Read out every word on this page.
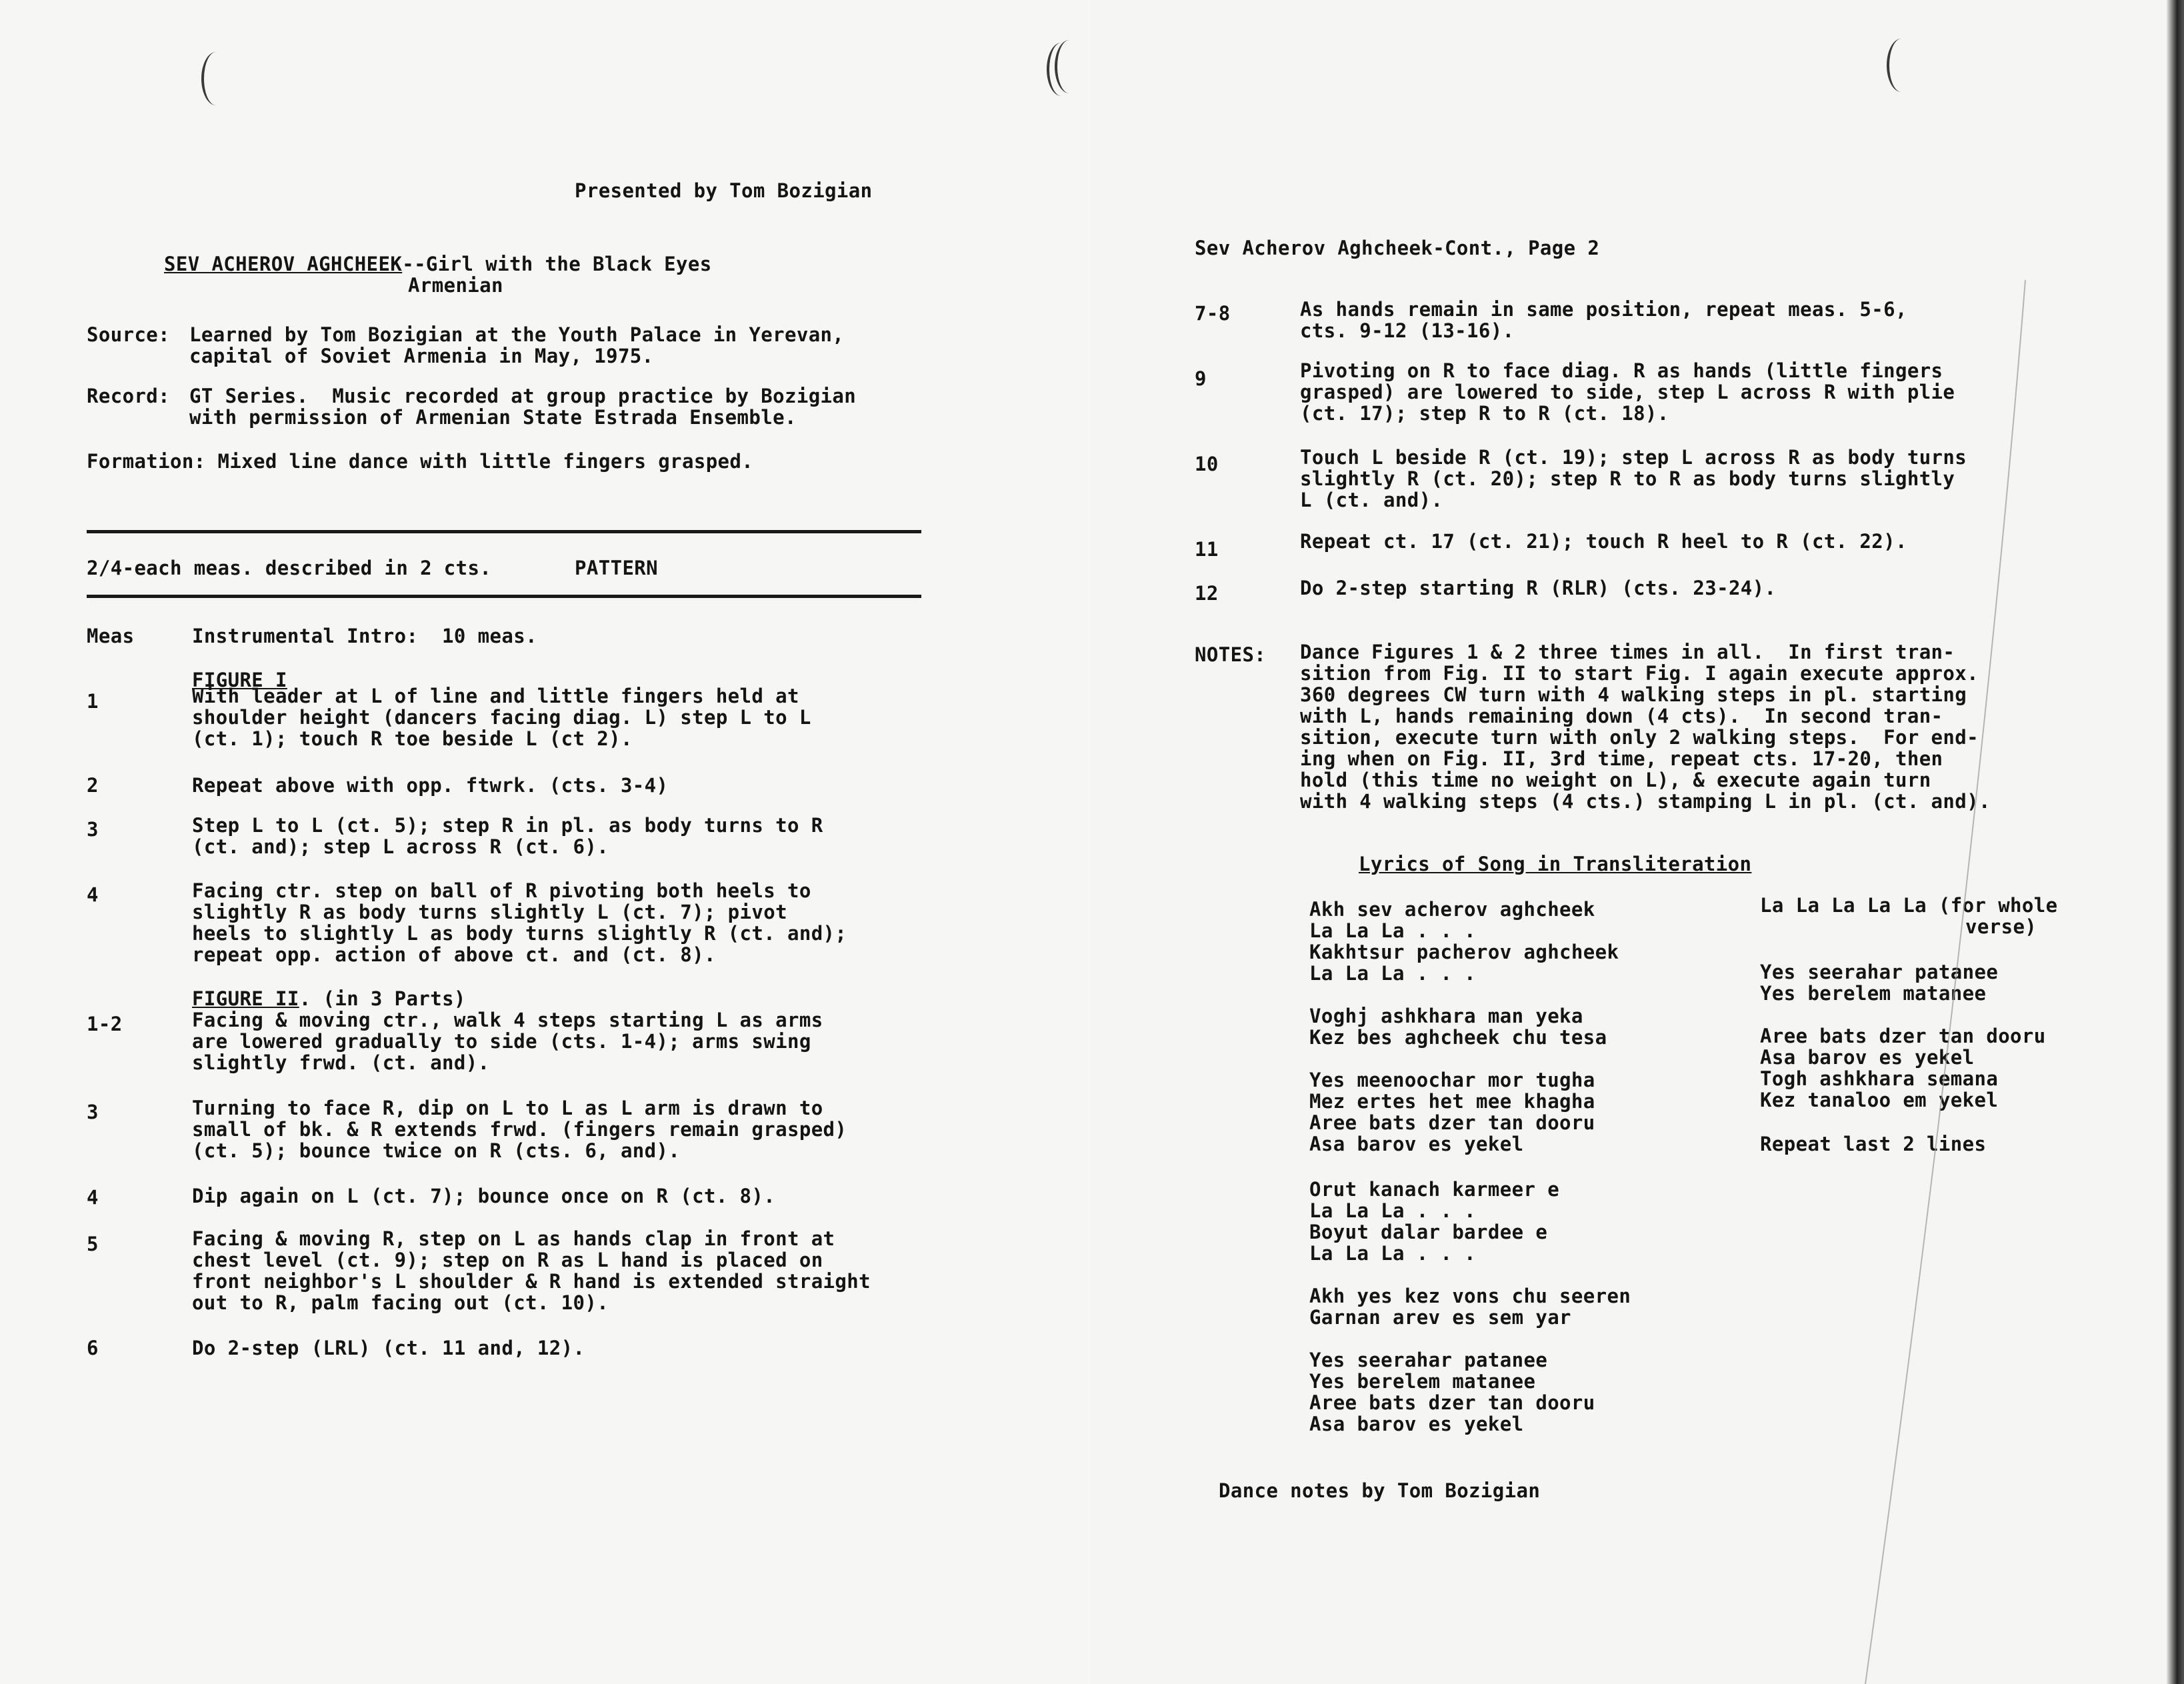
Presented by Tom Bozigian
SEV ACHEROV AGHCHEEK--Girl with the Black Eyes
Armenian
Source: Learned by Tom Bozigian at the Youth Palace in Yerevan,
capital of Soviet Armenia in May, 1975.
Record: GT Series.  Music recorded at group practice by Bozigian
with permission of Armenian State Estrada Ensemble.
Formation: Mixed line dance with little fingers grasped.
2/4-each meas. described in 2 cts.	PATTERN
Meas	Instrumental Intro:  10 meas.
FIGURE I
1	With leader at L of line and little fingers held at
shoulder height (dancers facing diag. L) step L to L
(ct. 1); touch R toe beside L (ct 2).
2	Repeat above with opp. ftwrk. (cts. 3-4)
3	Step L to L (ct. 5); step R in pl. as body turns to R
(ct. and); step L across R (ct. 6).
4	Facing ctr. step on ball of R pivoting both heels to
slightly R as body turns slightly L (ct. 7); pivot
heels to slightly L as body turns slightly R (ct. and);
repeat opp. action of above ct. and (ct. 8).
FIGURE II. (in 3 Parts)
1-2	Facing & moving ctr., walk 4 steps starting L as arms
are lowered gradually to side (cts. 1-4); arms swing
slightly frwd. (ct. and).
3	Turning to face R, dip on L to L as L arm is drawn to
small of bk. & R extends frwd. (fingers remain grasped)
(ct. 5); bounce twice on R (cts. 6, and).
4	Dip again on L (ct. 7); bounce once on R (ct. 8).
5	Facing & moving R, step on L as hands clap in front at
chest level (ct. 9); step on R as L hand is placed on
front neighbor's L shoulder & R hand is extended straight
out to R, palm facing out (ct. 10).
6	Do 2-step (LRL) (ct. 11 and, 12).
Sev Acherov Aghcheek-Cont., Page 2
7-8	As hands remain in same position, repeat meas. 5-6,
cts. 9-12 (13-16).
9	Pivoting on R to face diag. R as hands (little fingers
grasped) are lowered to side, step L across R with plie
(ct. 17); step R to R (ct. 18).
10	Touch L beside R (ct. 19); step L across R as body turns
slightly R (ct. 20); step R to R as body turns slightly
L (ct. and).
11	Repeat ct. 17 (ct. 21); touch R heel to R (ct. 22).
12	Do 2-step starting R (RLR) (cts. 23-24).
NOTES: Dance Figures 1 & 2 three times in all.  In first tran-
sition from Fig. II to start Fig. I again execute approx.
360 degrees CW turn with 4 walking steps in pl. starting
with L, hands remaining down (4 cts).  In second tran-
sition, execute turn with only 2 walking steps.  For end-
ing when on Fig. II, 3rd time, repeat cts. 17-20, then
hold (this time no weight on L), & execute again turn
with 4 walking steps (4 cts.) stamping L in pl. (ct. and).
Lyrics of Song in Transliteration
Akh sev acherov aghcheek
La La La . . .
Kakhtsur pacherov aghcheek
La La La . . .
Voghj ashkhara man yeka
Kez bes aghcheek chu tesa
Yes meenoochar mor tugha
Mez ertes het mee khagha
Aree bats dzer tan dooru
Asa barov es yekel
Orut kanach karmeer e
La La La . . .
Boyut dalar bardee e
La La La . . .
Akh yes kez vons chu seeren
Garnan arev es sem yar
Yes seerahar patanee
Yes berelem matanee
Aree bats dzer tan dooru
Asa barov es yekel
La La La La La (for whole
verse)
Yes seerahar patanee
Yes berelem matanee
Aree bats dzer tan dooru
Asa barov es yekel
Togh ashkhara semana
Kez tanaloo em yekel
Repeat last 2 lines
Dance notes by Tom Bozigian
